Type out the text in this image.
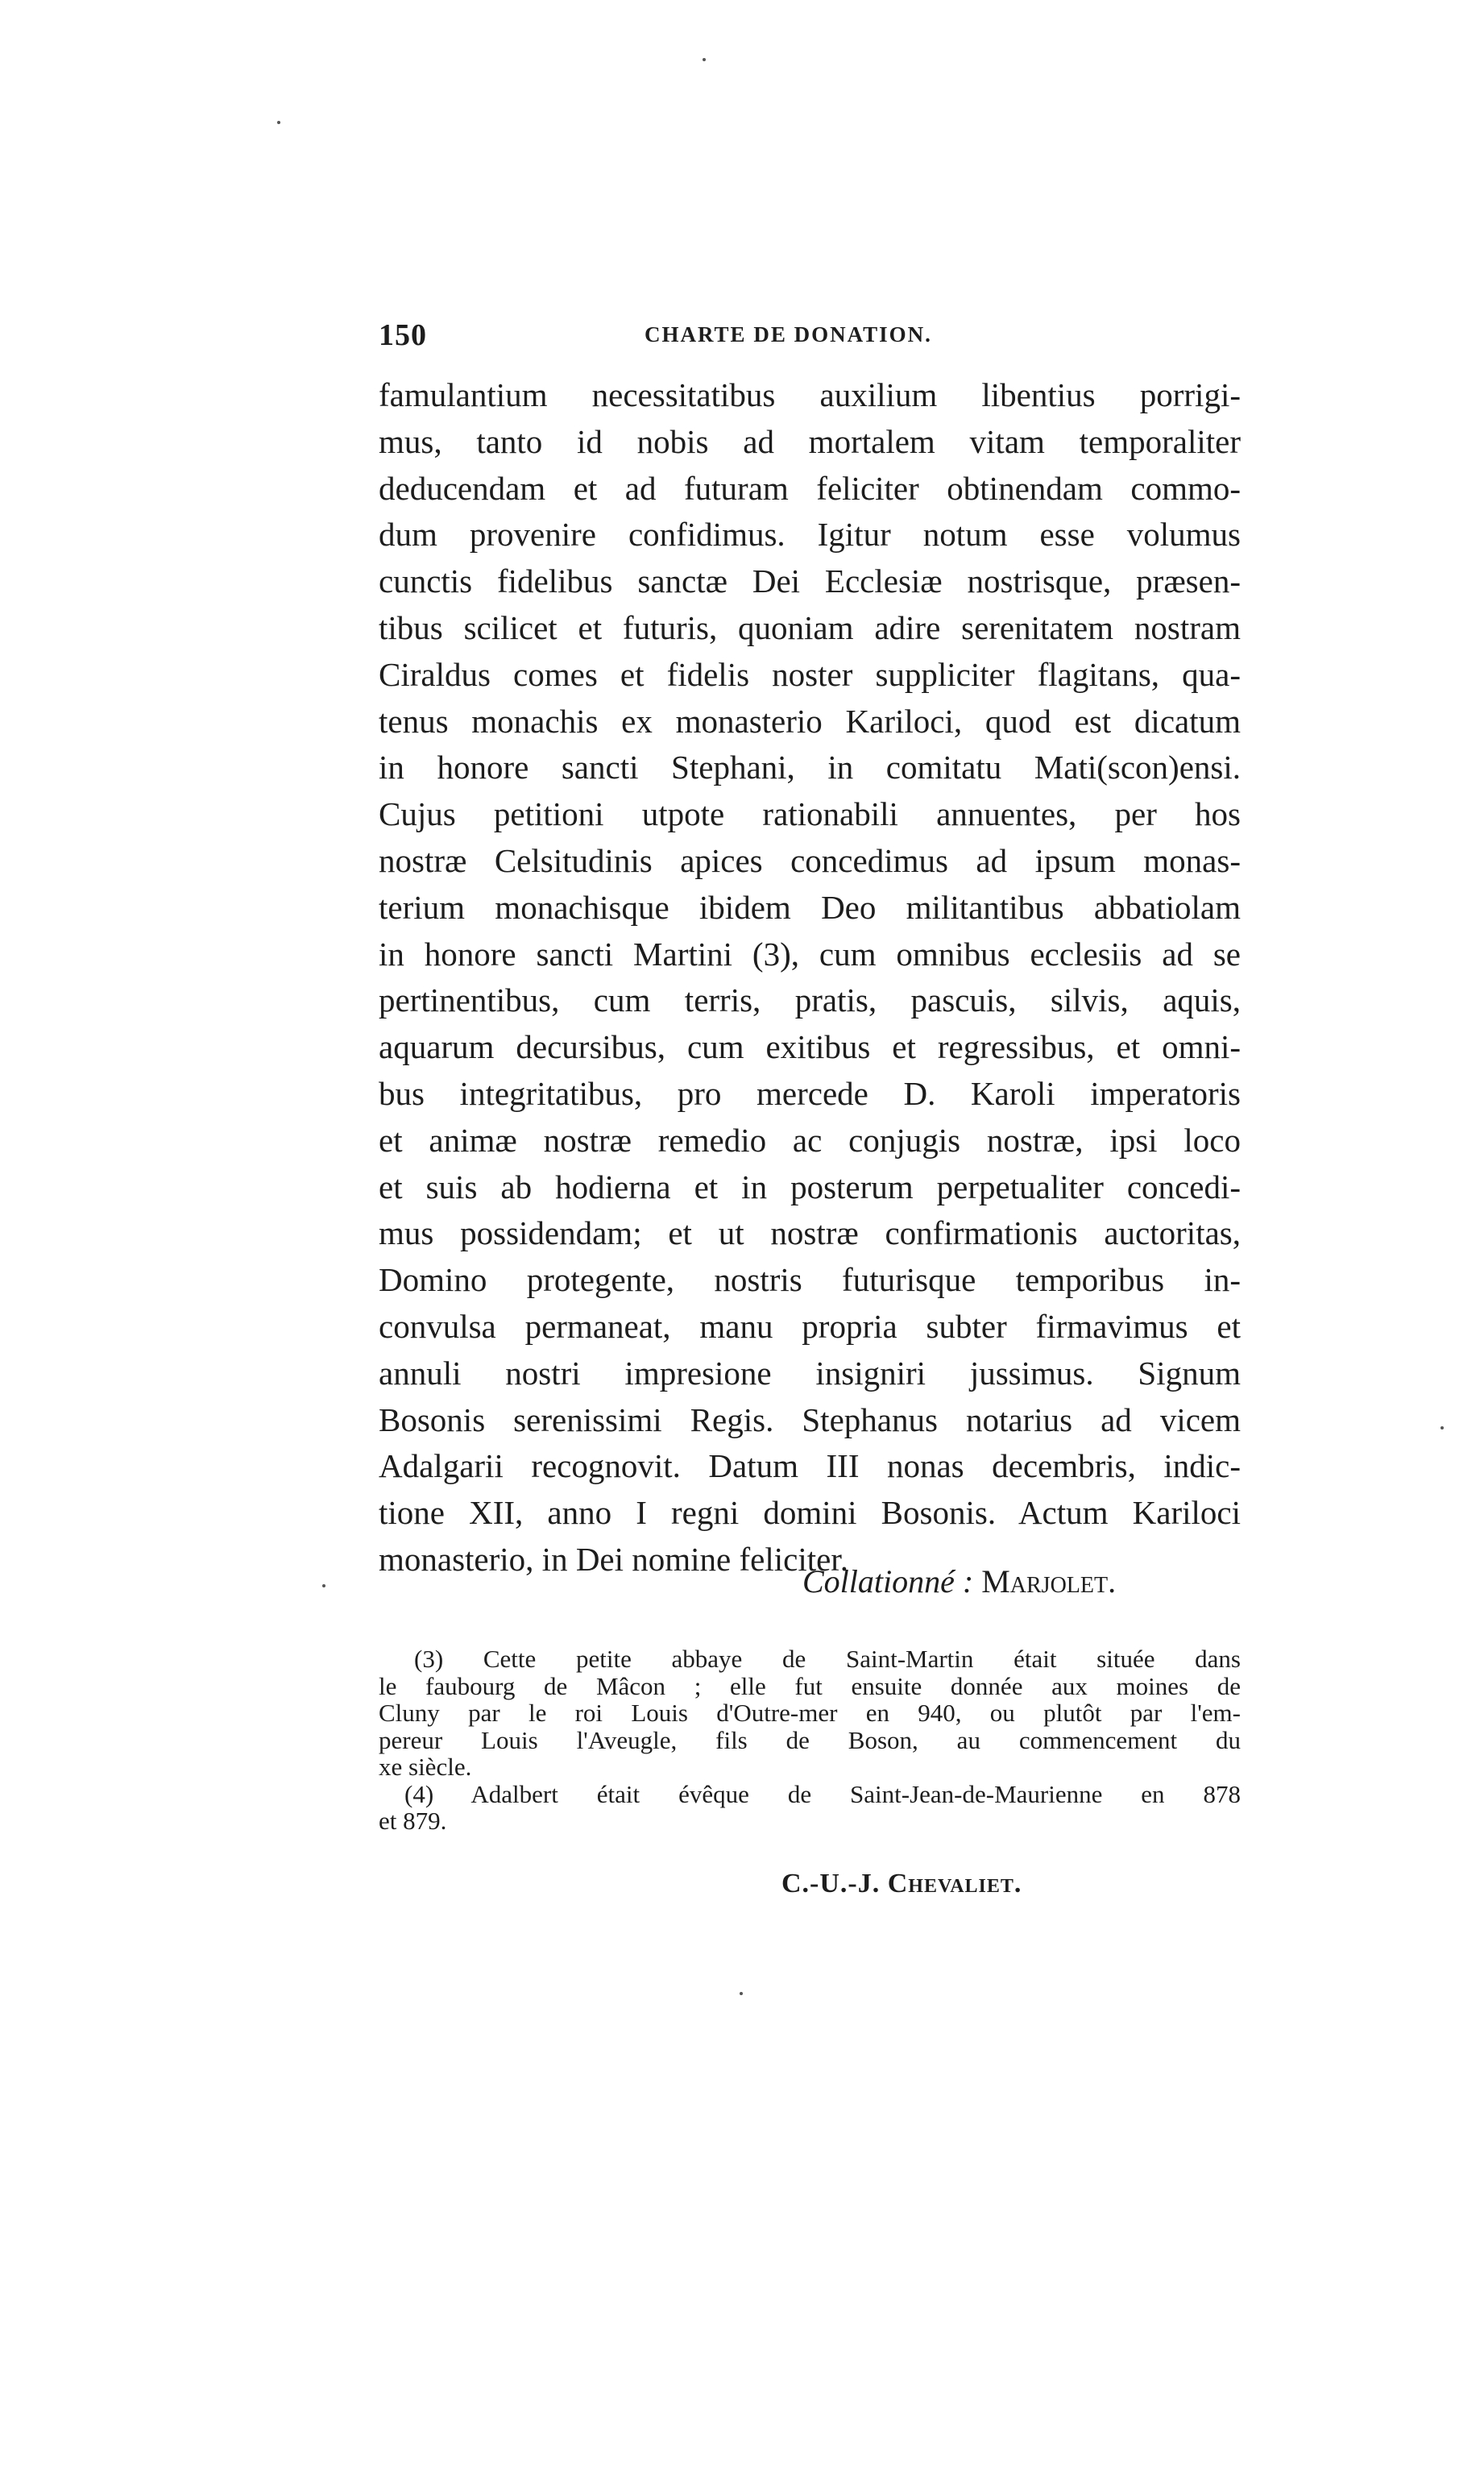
150	CHARTE DE DONATION.
famulantium necessitatibus auxilium libentius porrigi-
mus, tanto id nobis ad mortalem vitam temporaliter
deducendam et ad futuram feliciter obtinendam commo-
dum provenire confidimus. Igitur notum esse volumus
cunctis fidelibus sanctæ Dei Ecclesiæ nostrisque, præsen-
tibus scilicet et futuris, quoniam adire serenitatem nostram
Ciraldus comes et fidelis noster suppliciter flagitans, qua-
tenus monachis ex monasterio Kariloci, quod est dicatum
in honore sancti Stephani, in comitatu Mati(scon)ensi.
Cujus petitioni utpote rationabili annuentes, per hos
nostræ Celsitudinis apices concedimus ad ipsum monas-
terium monachisque ibidem Deo militantibus abbatiolam
in honore sancti Martini (3), cum omnibus ecclesiis ad se
pertinentibus, cum terris, pratis, pascuis, silvis, aquis,
aquarum decursibus, cum exitibus et regressibus, et omni-
bus integritatibus, pro mercede D. Karoli imperatoris
et animæ nostræ remedio ac conjugis nostræ, ipsi loco
et suis ab hodierna et in posterum perpetualiter concedi-
mus possidendam; et ut nostræ confirmationis auctoritas,
Domino protegente, nostris futurisque temporibus in-
convulsa permaneat, manu propria subter firmavimus et
annuli nostri impresione insigniri jussimus. Signum
Bosonis serenissimi Regis. Stephanus notarius ad vicem
Adalgarii recognovit. Datum III nonas decembris, indic-
tione XII, anno I regni domini Bosonis. Actum Kariloci
monasterio, in Dei nomine feliciter.
Collationné : Marjolet.
(3) Cette petite abbaye de Saint-Martin était située dans
le faubourg de Mâcon ; elle fut ensuite donnée aux moines de
Cluny par le roi Louis d'Outre-mer en 940, ou plutôt par l'em-
pereur Louis l'Aveugle, fils de Boson, au commencement du
xe siècle.
(4) Adalbert était évêque de Saint-Jean-de-Maurienne en 878
et 879.
C.-U.-J. Chevaliet.
